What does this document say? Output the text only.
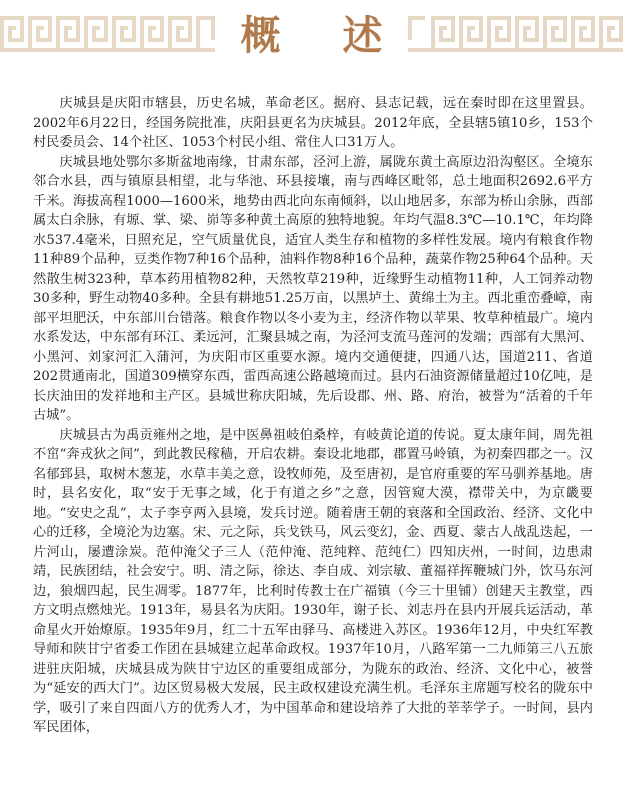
概 述

庆城县是庆阳市辖县，历史名城，革命老区。据府、县志记载，远在秦时即在这里置县。2002年6月22日，经国务院批准，庆阳县更名为庆城县。2012年底，全县辖5镇10乡，153个村民委员会、14个社区、1053个村民小组、常住人口31万人。

庆城县地处鄂尔多斯盆地南缘，甘肃东部，泾河上游，属陇东黄土高原边沿沟壑区。全境东邻合水县，西与镇原县相望，北与华池、环县接壤，南与西峰区毗邻，总土地面积2692.6平方千米。海拔高程1000—1600米，地势由西北向东南倾斜，以山地居多，东部为桥山余脉，西部属太白余脉，有塬、掌、梁、峁等多种黄土高原的独特地貌。年均气温8.3℃—10.1℃，年均降水537.4毫米，日照充足，空气质量优良，适宜人类生存和植物的多样性发展。境内有粮食作物11种89个品种，豆类作物7种16个品种，油料作物8种16个品种，蔬菜作物25种64个品种。天然散生树323种，草本药用植物82种，天然牧草219种，近缘野生动植物11种，人工饲养动物30多种，野生动物40多种。全县有耕地51.25万亩，以黑垆土、黄绵土为主。西北重峦叠嶂，南部平坦肥沃，中东部川台错落。粮食作物以冬小麦为主，经济作物以苹果、牧草种植最广。境内水系发达，中东部有环江、柔远河，汇聚县城之南，为泾河支流马莲河的发端；西部有大黑河、小黑河、刘家河汇入蒲河，为庆阳市区重要水源。境内交通便捷，四通八达，国道211、省道202贯通南北，国道309横穿东西，雷西高速公路越境而过。县内石油资源储量超过10亿吨，是长庆油田的发祥地和主产区。县城世称庆阳城，先后设郡、州、路、府治，被誉为“活着的千年古城”。

庆城县古为禹贡雍州之地，是中医鼻祖岐伯桑梓，有岐黄论道的传说。夏太康年间，周先祖不窋“奔戎狄之间”，到此教民稼穑，开启农耕。秦设北地郡，郡置马岭镇，为初秦四郡之一。汉名郁郅县，取树木葱茏，水草丰美之意，设牧师苑，及至唐初，是官府重要的军马驯养基地。唐时，县名安化，取“安于无事之域，化于有道之乡”之意，因管窥大漠，襟带关中，为京畿要地。“安史之乱”，太子李亨两入县境，发兵讨逆。随着唐王朝的衰落和全国政治、经济、文化中心的迁移，全境沦为边塞。宋、元之际，兵戈铁马，风云变幻，金、西夏、蒙古人战乱迭起，一片河山，屡遭涂炭。范仲淹父子三人（范仲淹、范纯粹、范纯仁）四知庆州，一时间，边患肃靖，民族团结，社会安宁。明、清之际，徐达、李自成、刘宗敏、董福祥挥鞭城门外，饮马东河边，狼烟四起，民生凋零。1877年，比利时传教士在广福镇（今三十里铺）创建天主教堂，西方文明点燃烛光。1913年，易县名为庆阳。1930年，谢子长、刘志丹在县内开展兵运活动，革命星火开始燎原。1935年9月，红二十五军由驿马、高楼进入苏区。1936年12月，中央红军教导师和陕甘宁省委工作团在县城建立起革命政权。1937年10月，八路军第一二九师第三八五旅进驻庆阳城，庆城县成为陕甘宁边区的重要组成部分，为陇东的政治、经济、文化中心，被誉为“延安的西大门”。边区贸易极大发展，民主政权建设充满生机。毛泽东主席题写校名的陇东中学，吸引了来自四面八方的优秀人才，为中国革命和建设培养了大批的莘莘学子。一时间，县内军民团体，
